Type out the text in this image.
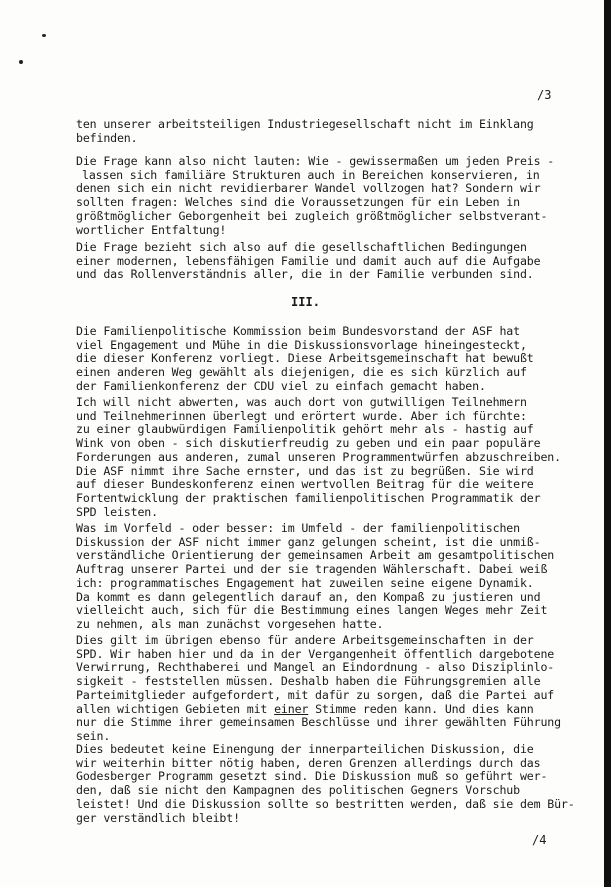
/3
ten unserer arbeitsteiligen Industriegesellschaft nicht im Einklang
befinden.
Die Frage kann also nicht lauten: Wie - gewissermaßen um jeden Preis -
lassen sich familiäre Strukturen auch in Bereichen konservieren, in
denen sich ein nicht revidierbarer Wandel vollzogen hat? Sondern wir
sollten fragen: Welches sind die Voraussetzungen für ein Leben in
größtmöglicher Geborgenheit bei zugleich größtmöglicher selbstverant-
wortlicher Entfaltung!
Die Frage bezieht sich also auf die gesellschaftlichen Bedingungen
einer modernen, lebensfähigen Familie und damit auch auf die Aufgabe
und das Rollenverständnis aller, die in der Familie verbunden sind.
III.
Die Familienpolitische Kommission beim Bundesvorstand der ASF hat
viel Engagement und Mühe in die Diskussionsvorlage hineingesteckt,
die dieser Konferenz vorliegt. Diese Arbeitsgemeinschaft hat bewußt
einen anderen Weg gewählt als diejenigen, die es sich kürzlich auf
der Familienkonferenz der CDU viel zu einfach gemacht haben.
Ich will nicht abwerten, was auch dort von gutwilligen Teilnehmern
und Teilnehmerinnen überlegt und erörtert wurde. Aber ich fürchte:
zu einer glaubwürdigen Familienpolitik gehört mehr als - hastig auf
Wink von oben - sich diskutierfreudig zu geben und ein paar populäre
Forderungen aus anderen, zumal unseren Programmentwürfen abzuschreiben.
Die ASF nimmt ihre Sache ernster, und das ist zu begrüßen. Sie wird
auf dieser Bundeskonferenz einen wertvollen Beitrag für die weitere
Fortentwicklung der praktischen familienpolitischen Programmatik der
SPD leisten.
Was im Vorfeld - oder besser: im Umfeld - der familienpolitischen
Diskussion der ASF nicht immer ganz gelungen scheint, ist die unmiß-
verständliche Orientierung der gemeinsamen Arbeit am gesamtpolitischen
Auftrag unserer Partei und der sie tragenden Wählerschaft. Dabei weiß
ich: programmatisches Engagement hat zuweilen seine eigene Dynamik.
Da kommt es dann gelegentlich darauf an, den Kompaß zu justieren und
vielleicht auch, sich für die Bestimmung eines langen Weges mehr Zeit
zu nehmen, als man zunächst vorgesehen hatte.
Dies gilt im übrigen ebenso für andere Arbeitsgemeinschaften in der
SPD. Wir haben hier und da in der Vergangenheit öffentlich dargebotene
Verwirrung, Rechthaberei und Mangel an Eindordnung - also Disziplinlo-
sigkeit - feststellen müssen. Deshalb haben die Führungsgremien alle
Parteimitglieder aufgefordert, mit dafür zu sorgen, daß die Partei auf
allen wichtigen Gebieten mit einer Stimme reden kann. Und dies kann
nur die Stimme ihrer gemeinsamen Beschlüsse und ihrer gewählten Führung
sein.
Dies bedeutet keine Einengung der innerparteilichen Diskussion, die
wir weiterhin bitter nötig haben, deren Grenzen allerdings durch das
Godesberger Programm gesetzt sind. Die Diskussion muß so geführt wer-
den, daß sie nicht den Kampagnen des politischen Gegners Vorschub
leistet! Und die Diskussion sollte so bestritten werden, daß sie dem Bür-
ger verständlich bleibt!
/4
